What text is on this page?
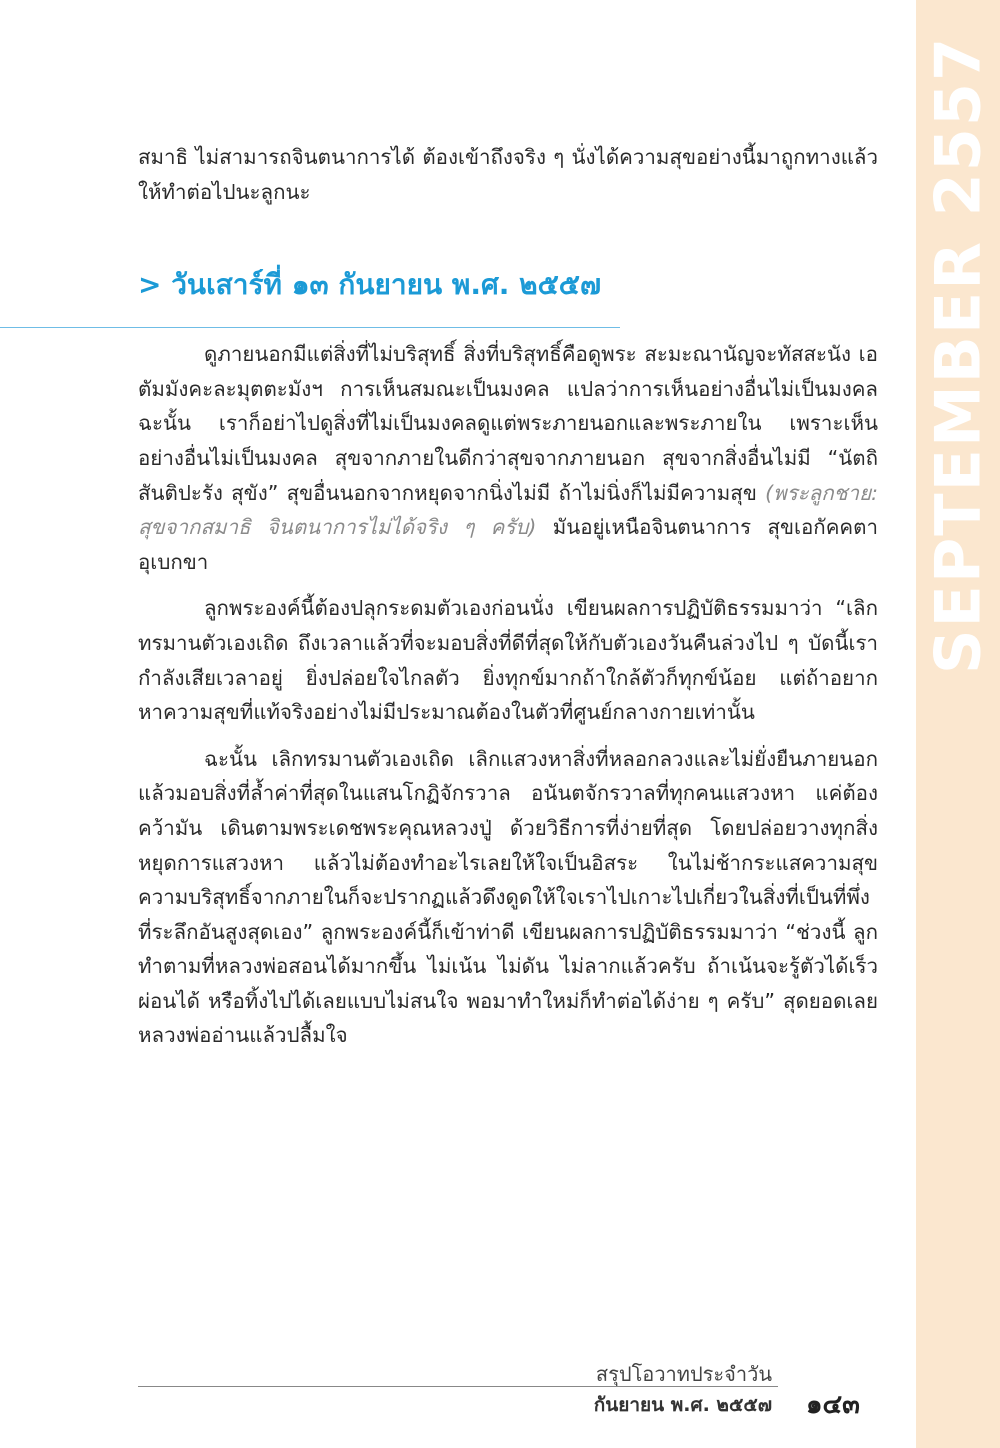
SEPTEMBER 2557

สมาธิ ไม่สามารถจินตนาการได้ ต้องเข้าถึงจริง ๆ นั่งได้ความสุขอย่างนี้มาถูกทางแล้ว ให้ทำต่อไปนะลูกนะ

> วันเสาร์ที่ ๑๓ กันยายน พ.ศ. ๒๕๕๗

ดูภายนอกมีแต่สิ่งที่ไม่บริสุทธิ์ สิ่งที่บริสุทธิ์คือดูพระ สะมะณานัญจะทัสสะนัง เอตัมมังคะละมุตตะมังฯ การเห็นสมณะเป็นมงคล แปลว่าการเห็นอย่างอื่นไม่เป็นมงคล ฉะนั้น เราก็อย่าไปดูสิ่งที่ไม่เป็นมงคลดูแต่พระภายนอกและพระภายใน เพราะเห็นอย่างอื่นไม่เป็นมงคล สุขจากภายในดีกว่าสุขจากภายนอก สุขจากสิ่งอื่นไม่มี “นัตถิ สันติปะรัง สุขัง” สุขอื่นนอกจากหยุดจากนิ่งไม่มี ถ้าไม่นิ่งก็ไม่มีความสุข (พระลูกชาย: สุขจากสมาธิ จินตนาการไม่ได้จริง ๆ ครับ) มันอยู่เหนือจินตนาการ สุขเอกัคคตา อุเบกขา

ลูกพระองค์นี้ต้องปลุกระดมตัวเองก่อนนั่ง เขียนผลการปฏิบัติธรรมมาว่า “เลิกทรมานตัวเองเถิด ถึงเวลาแล้วที่จะมอบสิ่งที่ดีที่สุดให้กับตัวเองวันคืนล่วงไป ๆ บัดนี้เรากำลังเสียเวลาอยู่ ยิ่งปล่อยใจไกลตัว ยิ่งทุกข์มากถ้าใกล้ตัวก็ทุกข์น้อย แต่ถ้าอยากหาความสุขที่แท้จริงอย่างไม่มีประมาณต้องในตัวที่ศูนย์กลางกายเท่านั้น

ฉะนั้น เลิกทรมานตัวเองเถิด เลิกแสวงหาสิ่งที่หลอกลวงและไม่ยั่งยืนภายนอก แล้วมอบสิ่งที่ล้ำค่าที่สุดในแสนโกฏิจักรวาล อนันตจักรวาลที่ทุกคนแสวงหา แค่ต้องคว้ามัน เดินตามพระเดชพระคุณหลวงปู่ ด้วยวิธีการที่ง่ายที่สุด โดยปล่อยวางทุกสิ่ง หยุดการแสวงหา แล้วไม่ต้องทำอะไรเลยให้ใจเป็นอิสระ ในไม่ช้ากระแสความสุข ความบริสุทธิ์จากภายในก็จะปรากฏแล้วดึงดูดให้ใจเราไปเกาะไปเกี่ยวในสิ่งที่เป็นที่พึ่งที่ระลึกอันสูงสุดเอง” ลูกพระองค์นี้ก็เข้าท่าดี เขียนผลการปฏิบัติธรรมมาว่า “ช่วงนี้ ลูกทำตามที่หลวงพ่อสอนได้มากขึ้น ไม่เน้น ไม่ดัน ไม่ลากแล้วครับ ถ้าเน้นจะรู้ตัวได้เร็ว ผ่อนได้ หรือทิ้งไปได้เลยแบบไม่สนใจ พอมาทำใหม่ก็ทำต่อได้ง่าย ๆ ครับ” สุดยอดเลย หลวงพ่ออ่านแล้วปลื้มใจ

สรุปโอวาทประจำวัน
กันยายน พ.ศ. ๒๕๕๗ ๑๔๓
